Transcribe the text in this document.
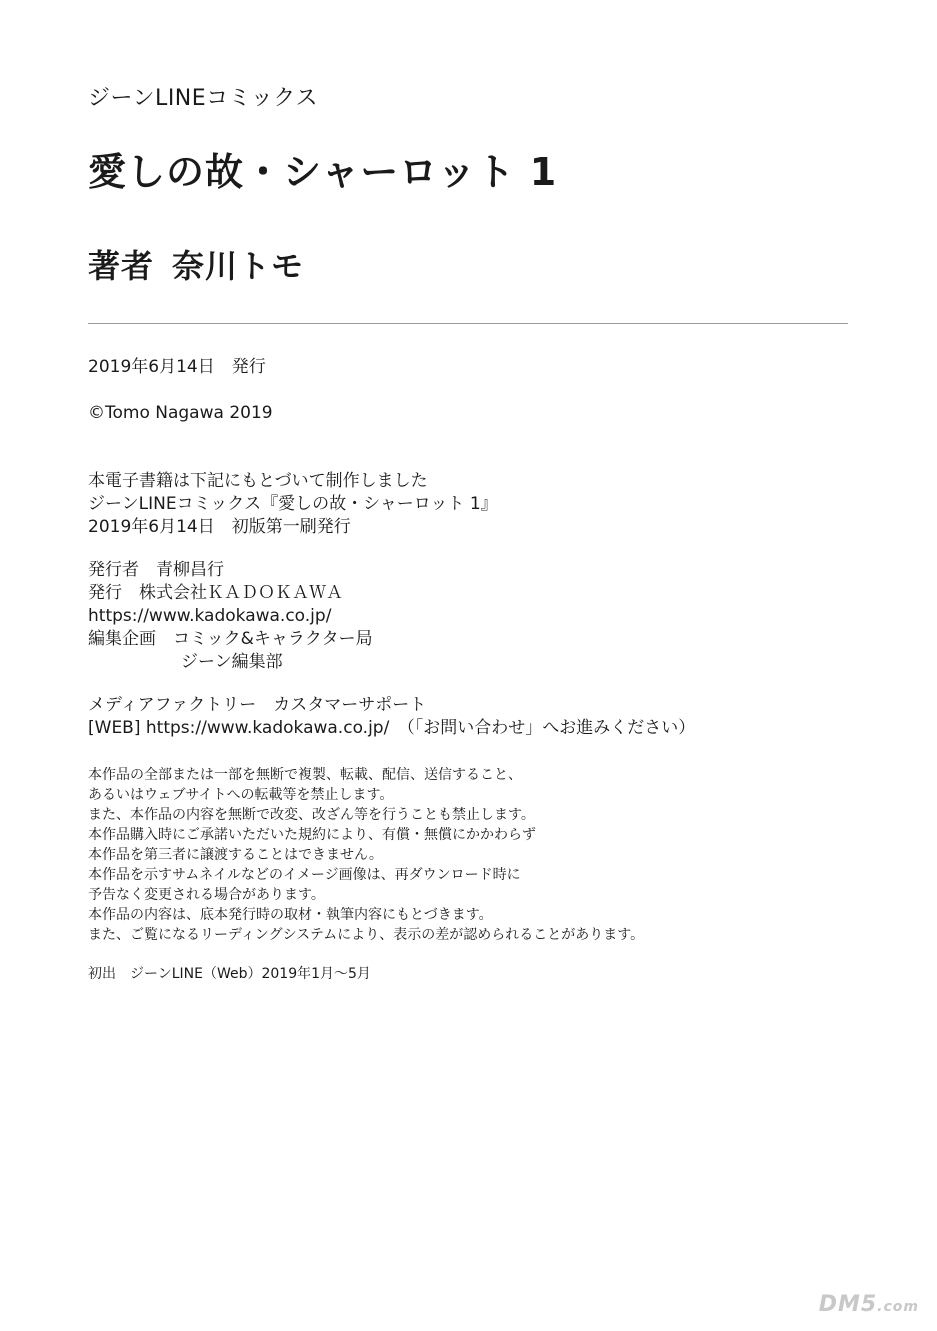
ジーンLINEコミックス
愛しの故・シャーロット 1
著者 奈川トモ
2019年6月14日　発行
©Tomo Nagawa 2019
本電子書籍は下記にもとづいて制作しました
ジーンLINEコミックス『愛しの故・シャーロット 1』
2019年6月14日　初版第一刷発行
発行者　青柳昌行
発行　株式会社ＫＡＤＯＫＡＷＡ
https://www.kadokawa.co.jp/
編集企画　コミック&キャラクター局
ジーン編集部
メディアファクトリー　カスタマーサポート
[WEB] https://www.kadokawa.co.jp/　（「お問い合わせ」へお進みください）
本作品の全部または一部を無断で複製、転載、配信、送信すること、
あるいはウェブサイトへの転載等を禁止します。
また、本作品の内容を無断で改変、改ざん等を行うことも禁止します。
本作品購入時にご承諾いただいた規約により、有償・無償にかかわらず
本作品を第三者に譲渡することはできません。
本作品を示すサムネイルなどのイメージ画像は、再ダウンロード時に
予告なく変更される場合があります。
本作品の内容は、底本発行時の取材・執筆内容にもとづきます。
また、ご覧になるリーディングシステムにより、表示の差が認められることがあります。
初出　ジーンLINE（Web）2019年1月〜5月
DM5.com
